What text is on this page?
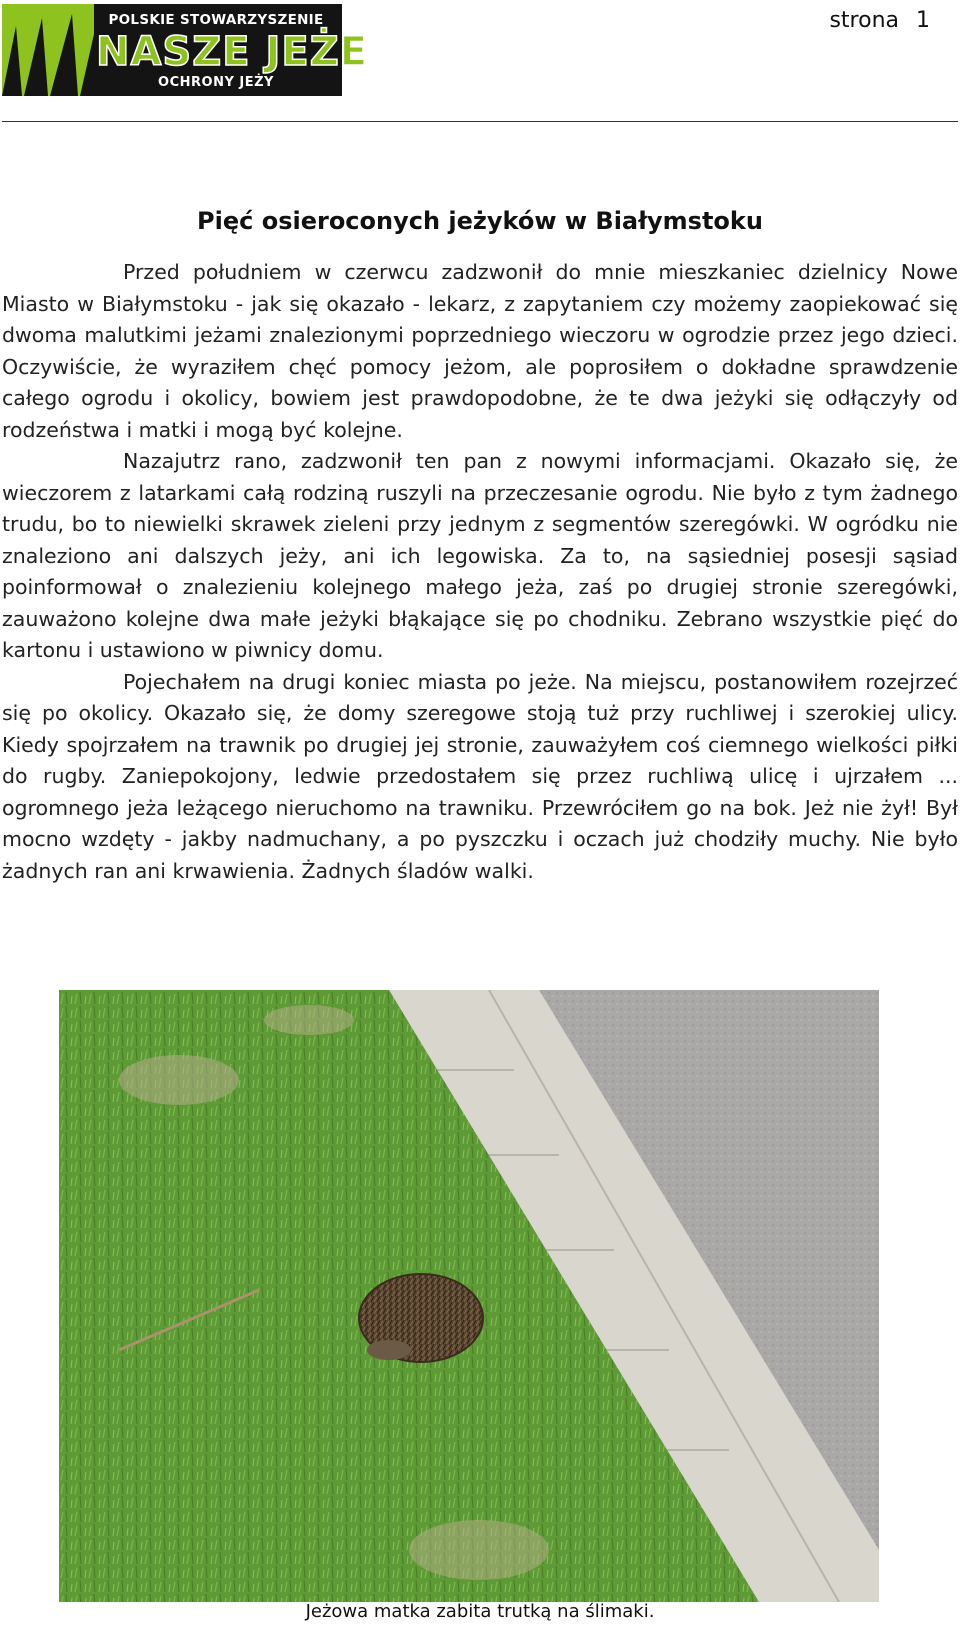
POLSKIE STOWARZYSZENIE
NASZE JEŻE
OCHRONY JEŻY
strona 1
Pięć osieroconych jeżyków w Białymstoku

Przed południem w czerwcu zadzwonił do mnie mieszkaniec dzielnicy Nowe Miasto w Białymstoku - jak się okazało - lekarz, z zapytaniem czy możemy zaopiekować się dwoma malutkimi jeżami znalezionymi poprzedniego wieczoru w ogrodzie przez jego dzieci. Oczywiście, że wyraziłem chęć pomocy jeżom, ale poprosiłem o dokładne sprawdzenie całego ogrodu i okolicy, bowiem jest prawdopodobne, że te dwa jeżyki się odłączyły od rodzeństwa i matki i mogą być kolejne.

Nazajutrz rano, zadzwonił ten pan z nowymi informacjami. Okazało się, że wieczorem z latarkami całą rodziną ruszyli na przeczesanie ogrodu. Nie było z tym żadnego trudu, bo to niewielki skrawek zieleni przy jednym z segmentów szeregówki. W ogródku nie znaleziono ani dalszych jeży, ani ich legowiska. Za to, na sąsiedniej posesji sąsiad poinformował o znalezieniu kolejnego małego jeża, zaś po drugiej stronie szeregówki, zauważono kolejne dwa małe jeżyki błąkające się po chodniku. Zebrano wszystkie pięć do kartonu i ustawiono w piwnicy domu.

Pojechałem na drugi koniec miasta po jeże. Na miejscu, postanowiłem rozejrzeć się po okolicy. Okazało się, że domy szeregowe stoją tuż przy ruchliwej i szerokiej ulicy. Kiedy spojrzałem na trawnik po drugiej jej stronie, zauważyłem coś ciemnego wielkości piłki do rugby. Zaniepokojony, ledwie przedostałem się przez ruchliwą ulicę i ujrzałem ... ogromnego jeża leżącego nieruchomo na trawniku. Przewróciłem go na bok. Jeż nie żył! Był mocno wzdęty - jakby nadmuchany, a po pyszczku i oczach już chodziły muchy. Nie było żadnych ran ani krwawienia. Żadnych śladów walki.

Jeżowa matka zabita trutką na ślimaki.
